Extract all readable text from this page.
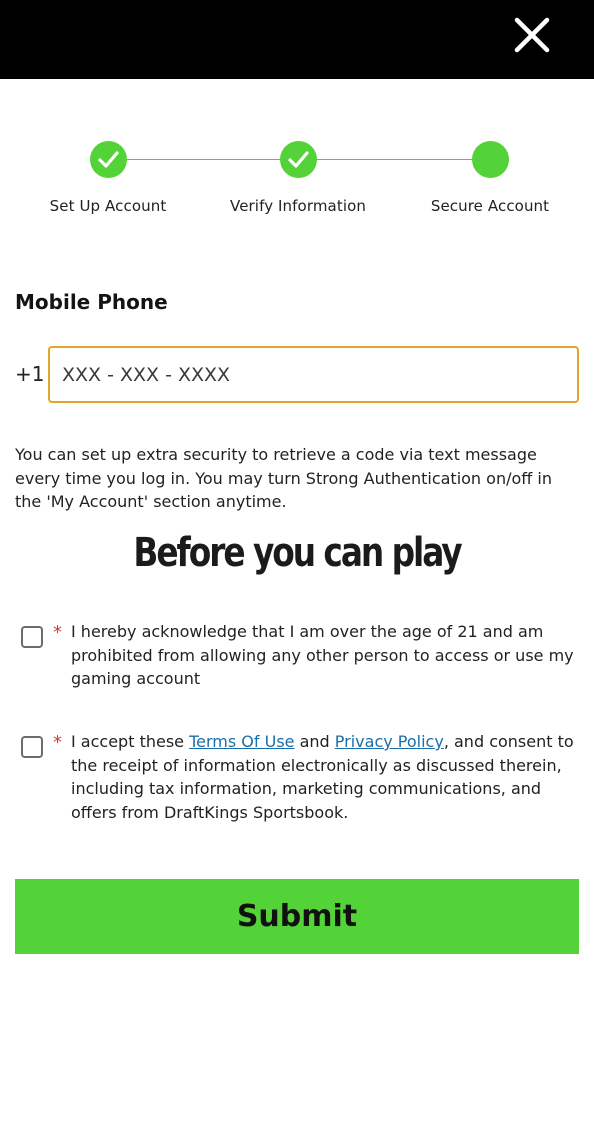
Set Up Account	Verify Information	Secure Account
Mobile Phone
+1
XXX - XXX - XXXX

You can set up extra security to retrieve a code via text message every time you log in. You may turn Strong Authentication on/off in the 'My Account' section anytime.

Before you can play
* I hereby acknowledge that I am over the age of 21 and am prohibited from allowing any other person to access or use my gaming account

* I accept these Terms Of Use and Privacy Policy, and consent to the receipt of information electronically as discussed therein, including tax information, marketing communications, and offers from DraftKings Sportsbook.

Submit
